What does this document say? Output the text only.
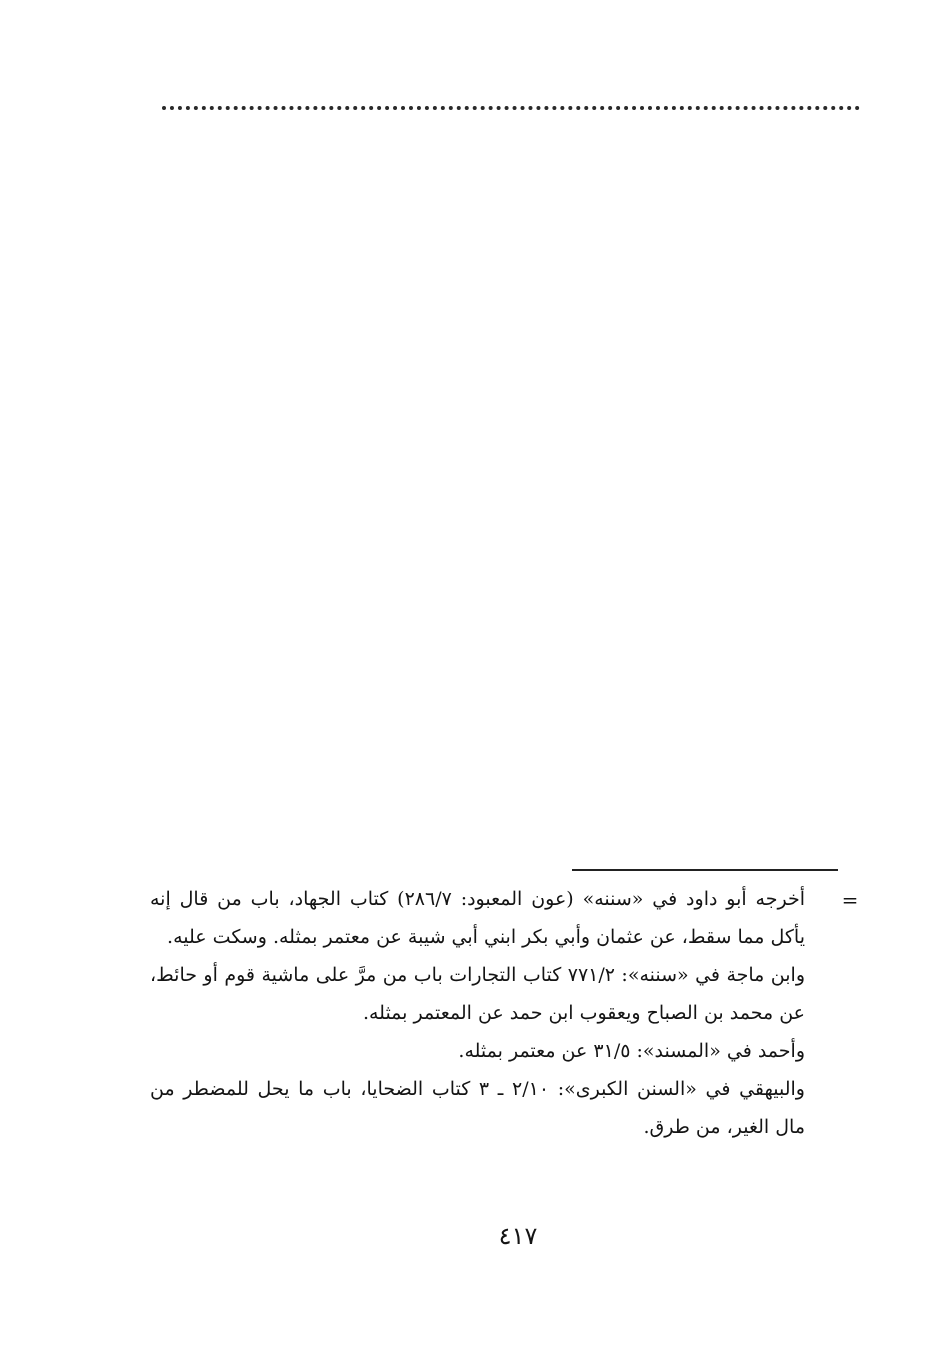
=

أخرجه أبو داود في «سننه» (عون المعبود: ٢٨٦/٧) كتاب الجهاد، باب من قال إنه يأكل مما سقط، عن عثمان وأبي بكر ابني أبي شيبة عن معتمر بمثله. وسكت عليه.

وابن ماجة في «سننه»: ٧٧١/٢ كتاب التجارات باب من مرَّ على ماشية قوم أو حائط، عن محمد بن الصباح ويعقوب ابن حمد عن المعتمر بمثله.

وأحمد في «المسند»: ٣١/٥ عن معتمر بمثله.

والبيهقي في «السنن الكبرى»: ٢/١٠ ـ ٣ كتاب الضحايا، باب ما يحل للمضطر من مال الغير، من طرق.

٤١٧
